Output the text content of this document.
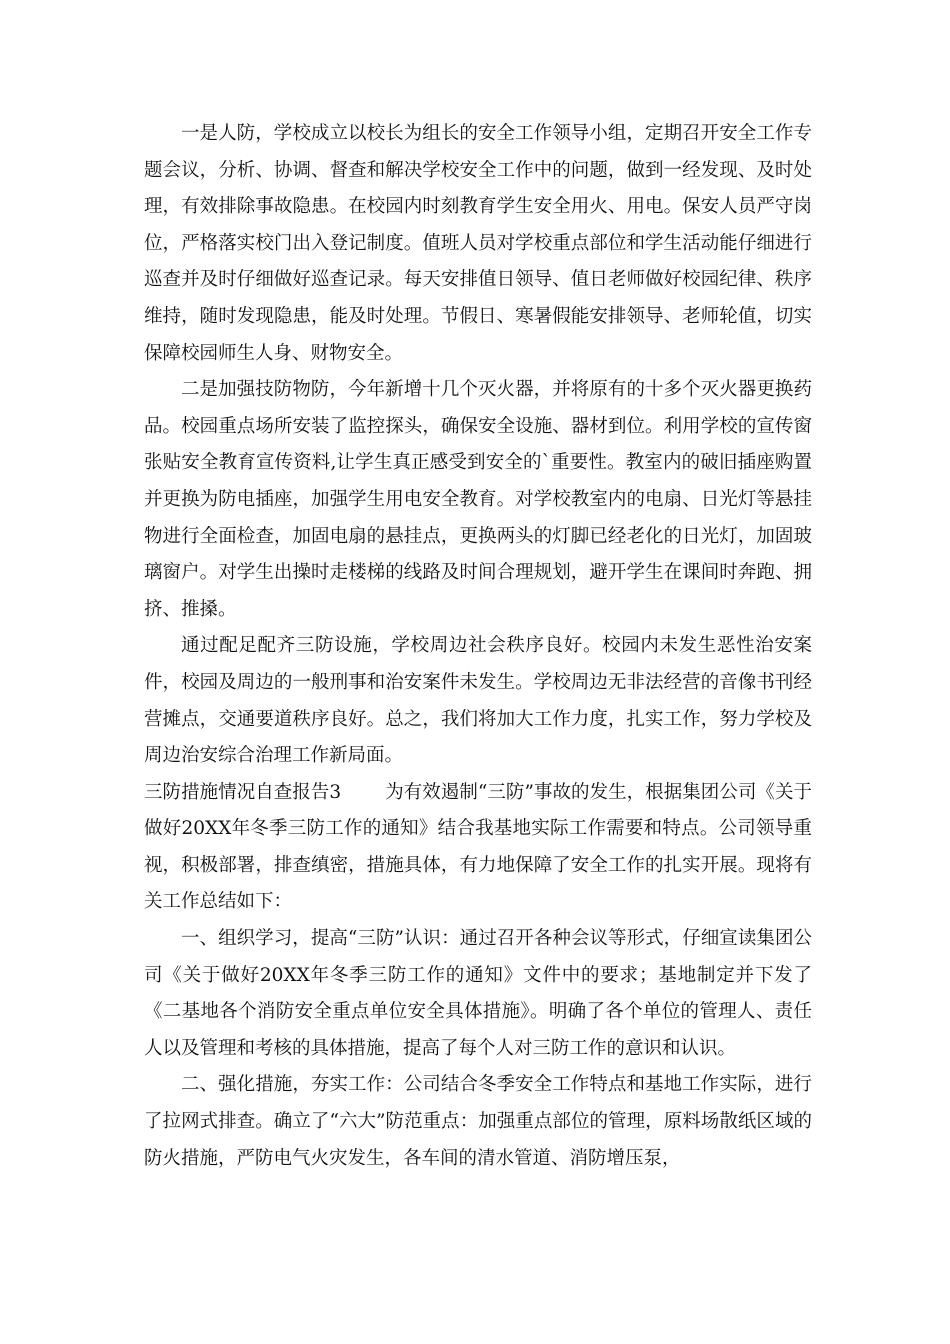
一是人防，学校成立以校长为组长的安全工作领导小组，定期召开安全工作专题会议，分析、协调、督查和解决学校安全工作中的问题，做到一经发现、及时处理，有效排除事故隐患。在校园内时刻教育学生安全用火、用电。保安人员严守岗位，严格落实校门出入登记制度。值班人员对学校重点部位和学生活动能仔细进行巡查并及时仔细做好巡查记录。每天安排值日领导、值日老师做好校园纪律、秩序维持，随时发现隐患，能及时处理。节假日、寒暑假能安排领导、老师轮值，切实保障校园师生人身、财物安全。

二是加强技防物防，今年新增十几个灭火器，并将原有的十多个灭火器更换药品。校园重点场所安装了监控探头，确保安全设施、器材到位。利用学校的宣传窗张贴安全教育宣传资料,让学生真正感受到安全的`重要性。教室内的破旧插座购置并更换为防电插座，加强学生用电安全教育。对学校教室内的电扇、日光灯等悬挂物进行全面检查，加固电扇的悬挂点，更换两头的灯脚已经老化的日光灯，加固玻璃窗户。对学生出操时走楼梯的线路及时间合理规划，避开学生在课间时奔跑、拥挤、推搡。

通过配足配齐三防设施，学校周边社会秩序良好。校园内未发生恶性治安案件，校园及周边的一般刑事和治安案件未发生。学校周边无非法经营的音像书刊经营摊点，交通要道秩序良好。总之，我们将加大工作力度，扎实工作，努力学校及周边治安综合治理工作新局面。

三防措施情况自查报告3 为有效遏制“三防”事故的发生，根据集团公司《关于做好20XX年冬季三防工作的通知》结合我基地实际工作需要和特点。公司领导重视，积极部署，排查缜密，措施具体，有力地保障了安全工作的扎实开展。现将有关工作总结如下：

一、组织学习，提高“三防”认识：通过召开各种会议等形式，仔细宣读集团公司《关于做好20XX年冬季三防工作的通知》文件中的要求；基地制定并下发了《二基地各个消防安全重点单位安全具体措施》。明确了各个单位的管理人、责任人以及管理和考核的具体措施，提高了每个人对三防工作的意识和认识。

二、强化措施，夯实工作：公司结合冬季安全工作特点和基地工作实际，进行了拉网式排查。确立了“六大”防范重点：加强重点部位的管理，原料场散纸区域的防火措施，严防电气火灾发生，各车间的清水管道、消防增压泵，
